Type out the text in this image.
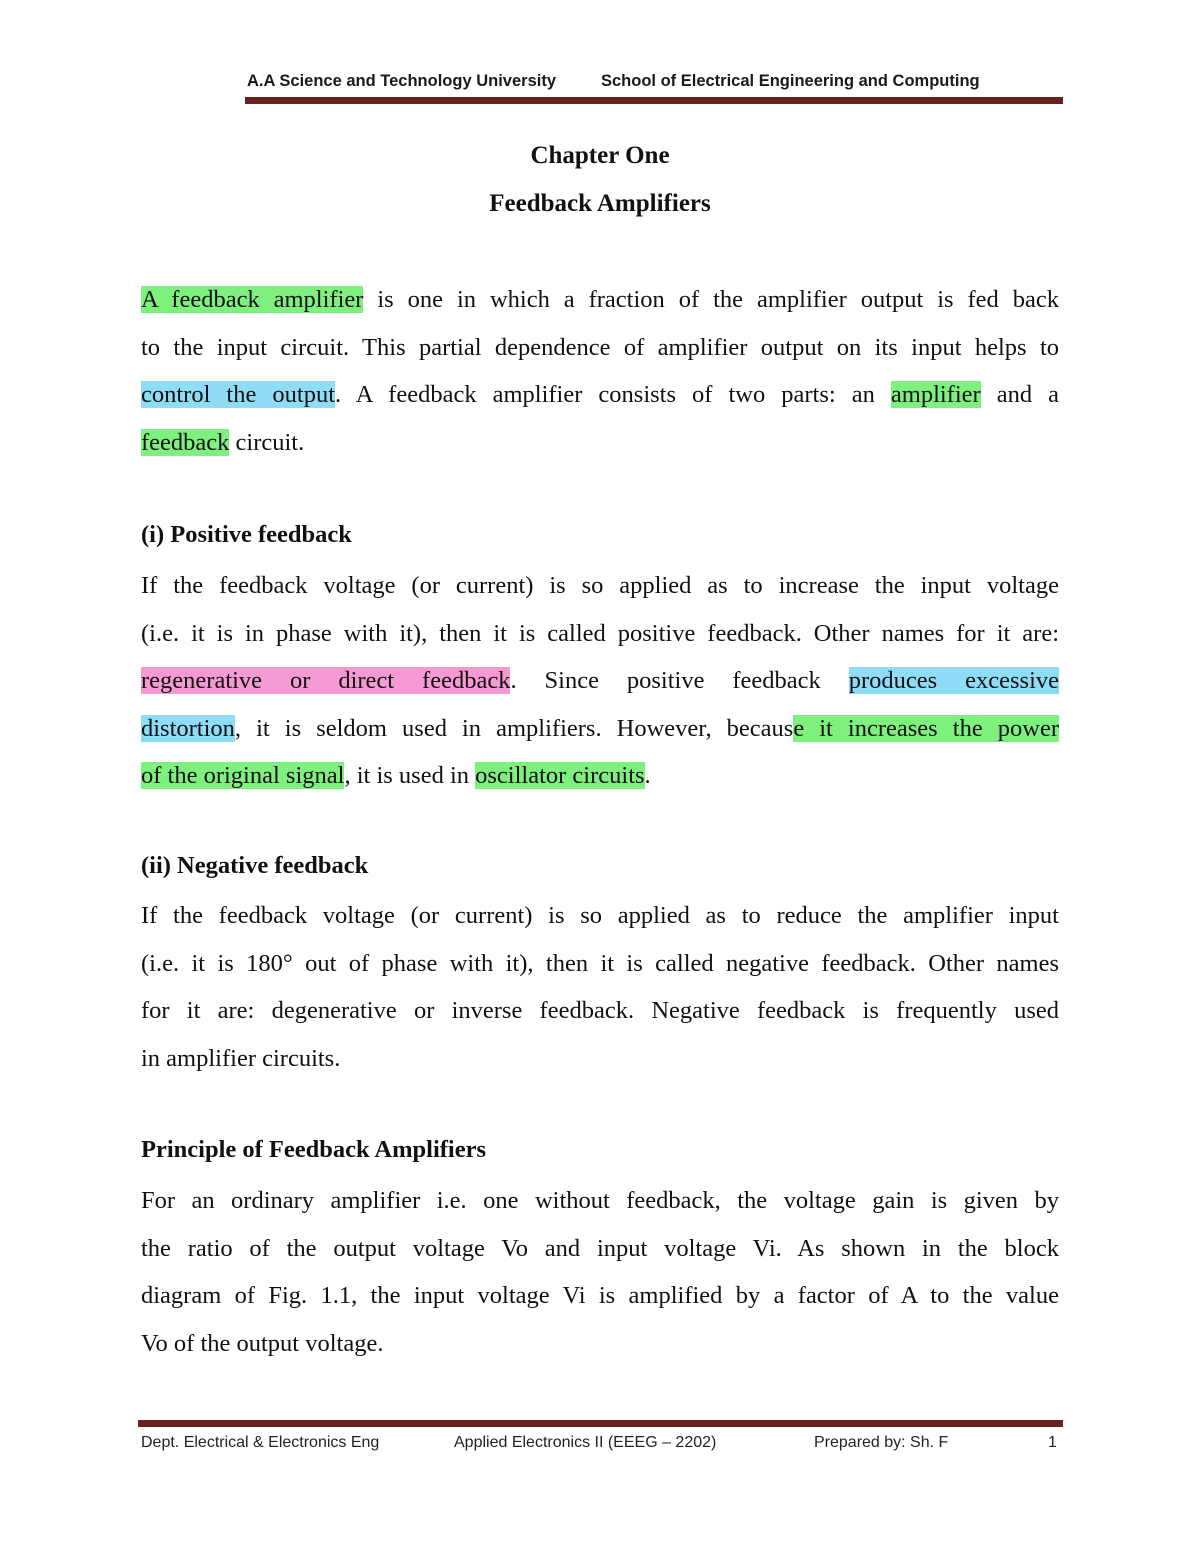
A.A Science and Technology University	School of Electrical Engineering and Computing
Chapter One
Feedback Amplifiers
A feedback amplifier is one in which a fraction of the amplifier output is fed back
to the input circuit. This partial dependence of amplifier output on its input helps to
control the output. A feedback amplifier consists of two parts: an amplifier and a
feedback circuit.
(i) Positive feedback
If the feedback voltage (or current) is so applied as to increase the input voltage
(i.e. it is in phase with it), then it is called positive feedback. Other names for it are:
regenerative or direct feedback. Since positive feedback produces excessive
distortion, it is seldom used in amplifiers. However, because it increases the power
of the original signal, it is used in oscillator circuits.
(ii) Negative feedback
If the feedback voltage (or current) is so applied as to reduce the amplifier input
(i.e. it is 180° out of phase with it), then it is called negative feedback. Other names
for it are: degenerative or inverse feedback. Negative feedback is frequently used
in amplifier circuits.
Principle of Feedback Amplifiers
For an ordinary amplifier i.e. one without feedback, the voltage gain is given by
the ratio of the output voltage Vo and input voltage Vi. As shown in the block
diagram of Fig. 1.1, the input voltage Vi is amplified by a factor of A to the value
Vo of the output voltage.
Dept. Electrical & Electronics Eng	Applied Electronics II (EEEG – 2202)	Prepared by: Sh. F	1
